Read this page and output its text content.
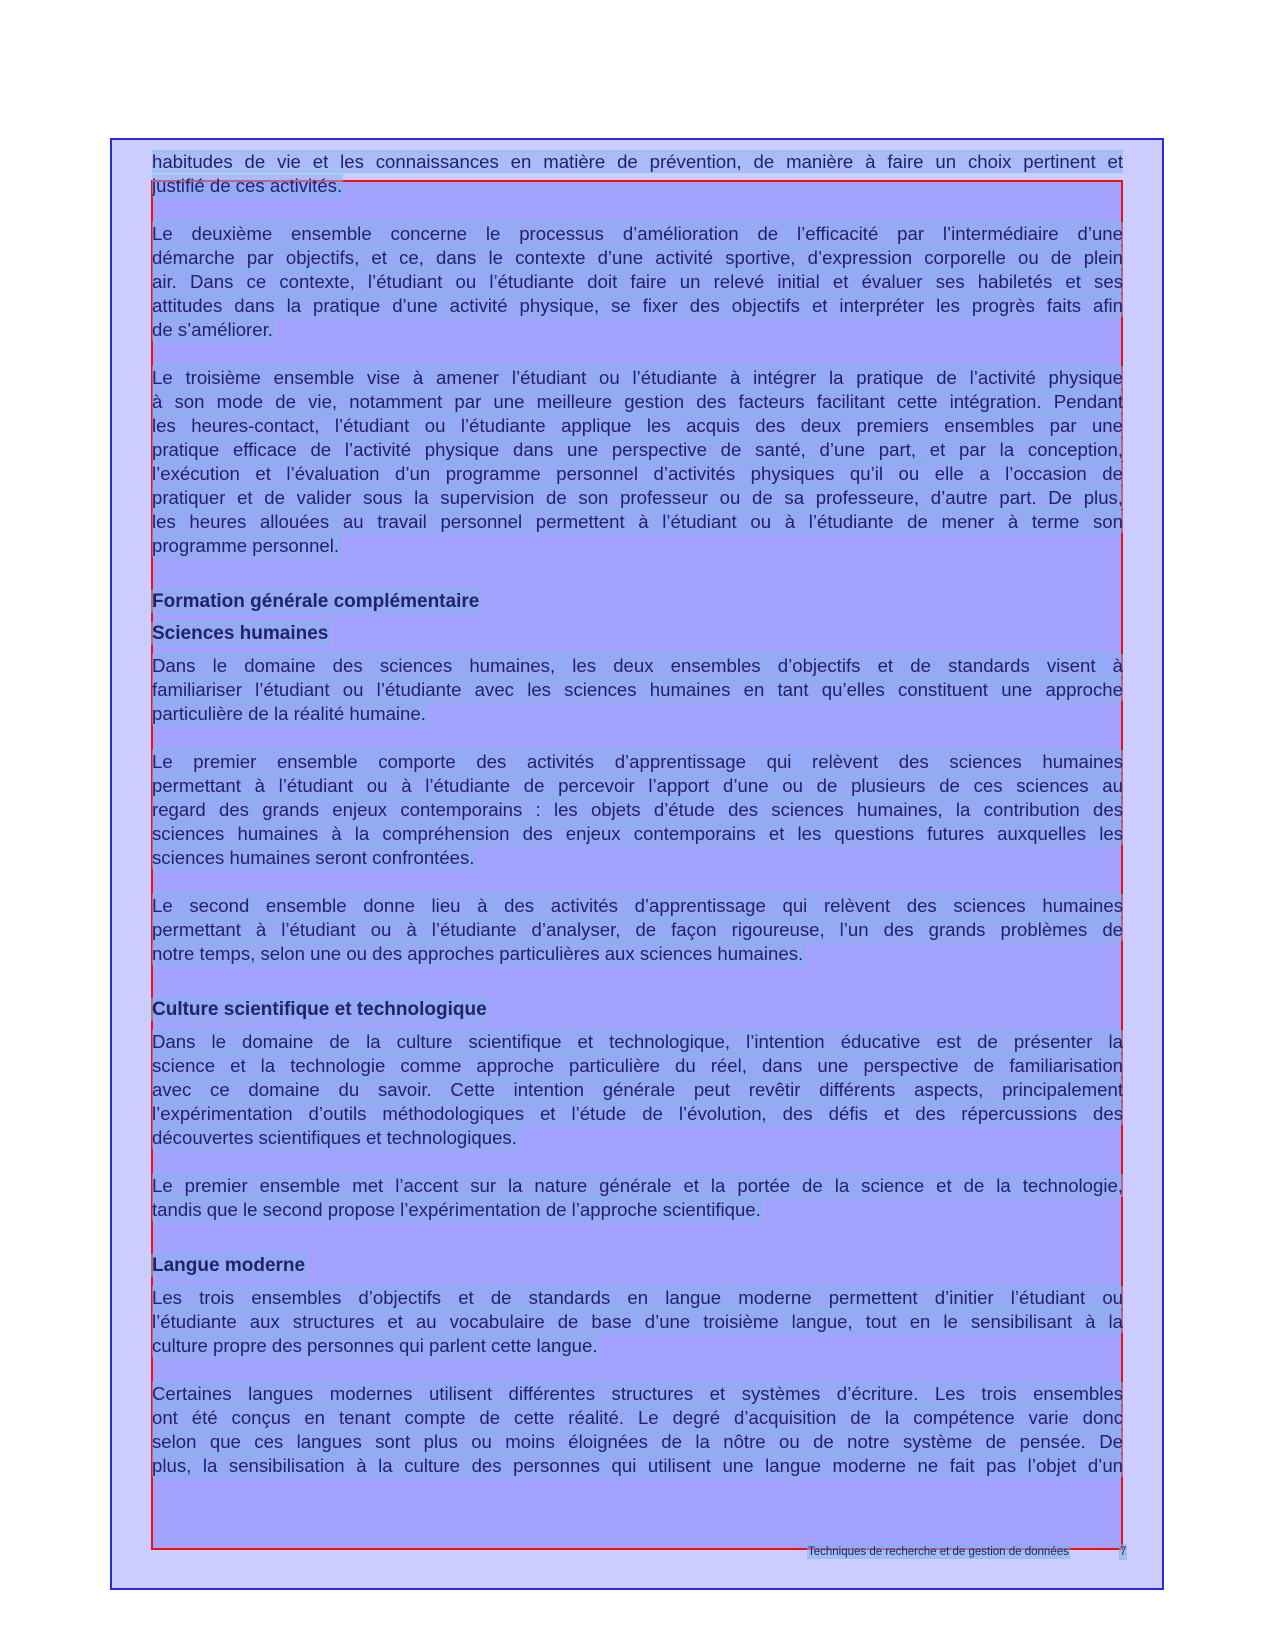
habitudes de vie et les connaissances en matière de prévention, de manière à faire un choix pertinent et
justifié de ces activités.
Le deuxième ensemble concerne le processus d’amélioration de l’efficacité par l’intermédiaire d’une
démarche par objectifs, et ce, dans le contexte d’une activité sportive, d’expression corporelle ou de plein
air. Dans ce contexte, l’étudiant ou l’étudiante doit faire un relevé initial et évaluer ses habiletés et ses
attitudes dans la pratique d’une activité physique, se fixer des objectifs et interpréter les progrès faits afin
de s’améliorer.
Le troisième ensemble vise à amener l’étudiant ou l’étudiante à intégrer la pratique de l’activité physique
à son mode de vie, notamment par une meilleure gestion des facteurs facilitant cette intégration. Pendant
les heures-contact, l’étudiant ou l’étudiante applique les acquis des deux premiers ensembles par une
pratique efficace de l’activité physique dans une perspective de santé, d’une part, et par la conception,
l’exécution et l’évaluation d’un programme personnel d’activités physiques qu’il ou elle a l’occasion de
pratiquer et de valider sous la supervision de son professeur ou de sa professeure, d’autre part. De plus,
les heures allouées au travail personnel permettent à l’étudiant ou à l’étudiante de mener à terme son
programme personnel.
Formation générale complémentaire
Sciences humaines
Dans le domaine des sciences humaines, les deux ensembles d’objectifs et de standards visent à
familiariser l’étudiant ou l’étudiante avec les sciences humaines en tant qu’elles constituent une approche
particulière de la réalité humaine.
Le premier ensemble comporte des activités d’apprentissage qui relèvent des sciences humaines
permettant à l’étudiant ou à l’étudiante de percevoir l’apport d’une ou de plusieurs de ces sciences au
regard des grands enjeux contemporains : les objets d’étude des sciences humaines, la contribution des
sciences humaines à la compréhension des enjeux contemporains et les questions futures auxquelles les
sciences humaines seront confrontées.
Le second ensemble donne lieu à des activités d’apprentissage qui relèvent des sciences humaines
permettant à l’étudiant ou à l’étudiante d’analyser, de façon rigoureuse, l’un des grands problèmes de
notre temps, selon une ou des approches particulières aux sciences humaines.
Culture scientifique et technologique
Dans le domaine de la culture scientifique et technologique, l’intention éducative est de présenter la
science et la technologie comme approche particulière du réel, dans une perspective de familiarisation
avec ce domaine du savoir. Cette intention générale peut revêtir différents aspects, principalement
l’expérimentation d’outils méthodologiques et l’étude de l’évolution, des défis et des répercussions des
découvertes scientifiques et technologiques.
Le premier ensemble met l’accent sur la nature générale et la portée de la science et de la technologie,
tandis que le second propose l’expérimentation de l’approche scientifique.
Langue moderne
Les trois ensembles d’objectifs et de standards en langue moderne permettent d’initier l’étudiant ou
l’étudiante aux structures et au vocabulaire de base d’une troisième langue, tout en le sensibilisant à la
culture propre des personnes qui parlent cette langue.
Certaines langues modernes utilisent différentes structures et systèmes d’écriture. Les trois ensembles
ont été conçus en tenant compte de cette réalité. Le degré d’acquisition de la compétence varie donc
selon que ces langues sont plus ou moins éloignées de la nôtre ou de notre système de pensée. De
plus, la sensibilisation à la culture des personnes qui utilisent une langue moderne ne fait pas l’objet d’un
Techniques de recherche et de gestion de données	7
